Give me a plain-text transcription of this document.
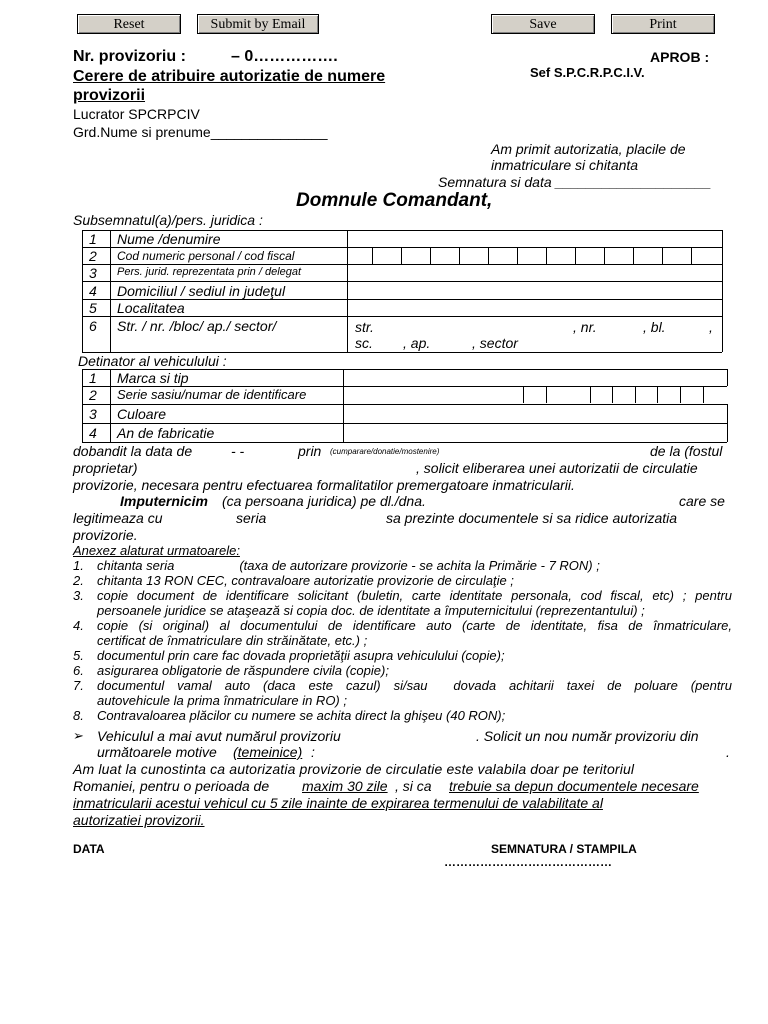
Reset	Submit by Email	Save	Print
Nr. provizoriu :	– 0…………….	APROB :
Sef S.P.C.R.P.C.I.V.
Cerere de atribuire autorizatie de numere
provizorii
Lucrator SPCRPCIV
Grd.Nume si prenume_______________
Am primit autorizatia, placile de
inmatriculare si chitanta
Semnatura si data ____________________
Domnule Comandant,
Subsemnatul(a)/pers. juridica :
1 Nume /denumire
2 Cod numeric personal / cod fiscal
3 Pers. jurid. reprezentata prin / delegat
4 Domiciliul / sediul in judeţul
5 Localitatea
6 Str. / nr. /bloc/ ap./ sector/	str.	, nr.	, bl.	,
sc. , ap.	, sector
Detinator al vehiculului :
1 Marca si tip
2 Serie sasiu/numar de identificare
3 Culoare
4 An de fabricatie
dobandit la data de	- -	prin (cumparare/donatie/mostenire)	de la (fostul
proprietar)	, solicit eliberarea unei autorizatii de circulatie
provizorie, necesara pentru efectuarea formalitatilor premergatoare inmatricularii.
Imputernicim (ca persoana juridica) pe dl./dna.	care se
legitimeaza cu	seria	sa prezinte documentele si sa ridice autorizatia
provizorie.
Anexez alaturat urmatoarele:
1. chitanta seria                  (taxa de autorizare provizorie - se achita la Primărie - 7 RON) ;
2. chitanta 13 RON CEC, contravaloare autorizatie provizorie de circulaţie ;
3. copie document de identificare solicitant (buletin, carte identitate personala, cod fiscal, etc) ; pentru
persoanele juridice se ataşează si copia doc. de identitate a împuternicitului (reprezentantului) ;
4. copie (si original) al documentului de identificare auto (carte de identitate, fisa de înmatriculare,
certificat de înmatriculare din străinătate, etc.) ;
5. documentul prin care fac dovada proprietăţii asupra vehiculului (copie);
6. asigurarea obligatorie de răspundere civila (copie);
7. documentul vamal auto (daca este cazul) si/sau  dovada achitarii taxei de poluare (pentru
autovehicule la prima înmatriculare in RO) ;
8. Contravaloarea plăcilor cu numere se achita direct la ghişeu (40 RON);
➢ Vehiculul a mai avut numărul provizoriu	. Solicit un nou număr provizoriu din
următoarele motive (temeinice) :	.
Am luat la cunostinta ca autorizatia provizorie de circulatie este valabila doar pe teritoriul
Romaniei, pentru o perioada de maxim 30 zile , si ca trebuie sa depun documentele necesare
inmatricularii acestui vehicul cu 5 zile inainte de expirarea termenului de valabilitate al
autorizatiei provizorii.
DATA	SEMNATURA / STAMPILA
……………………………………
